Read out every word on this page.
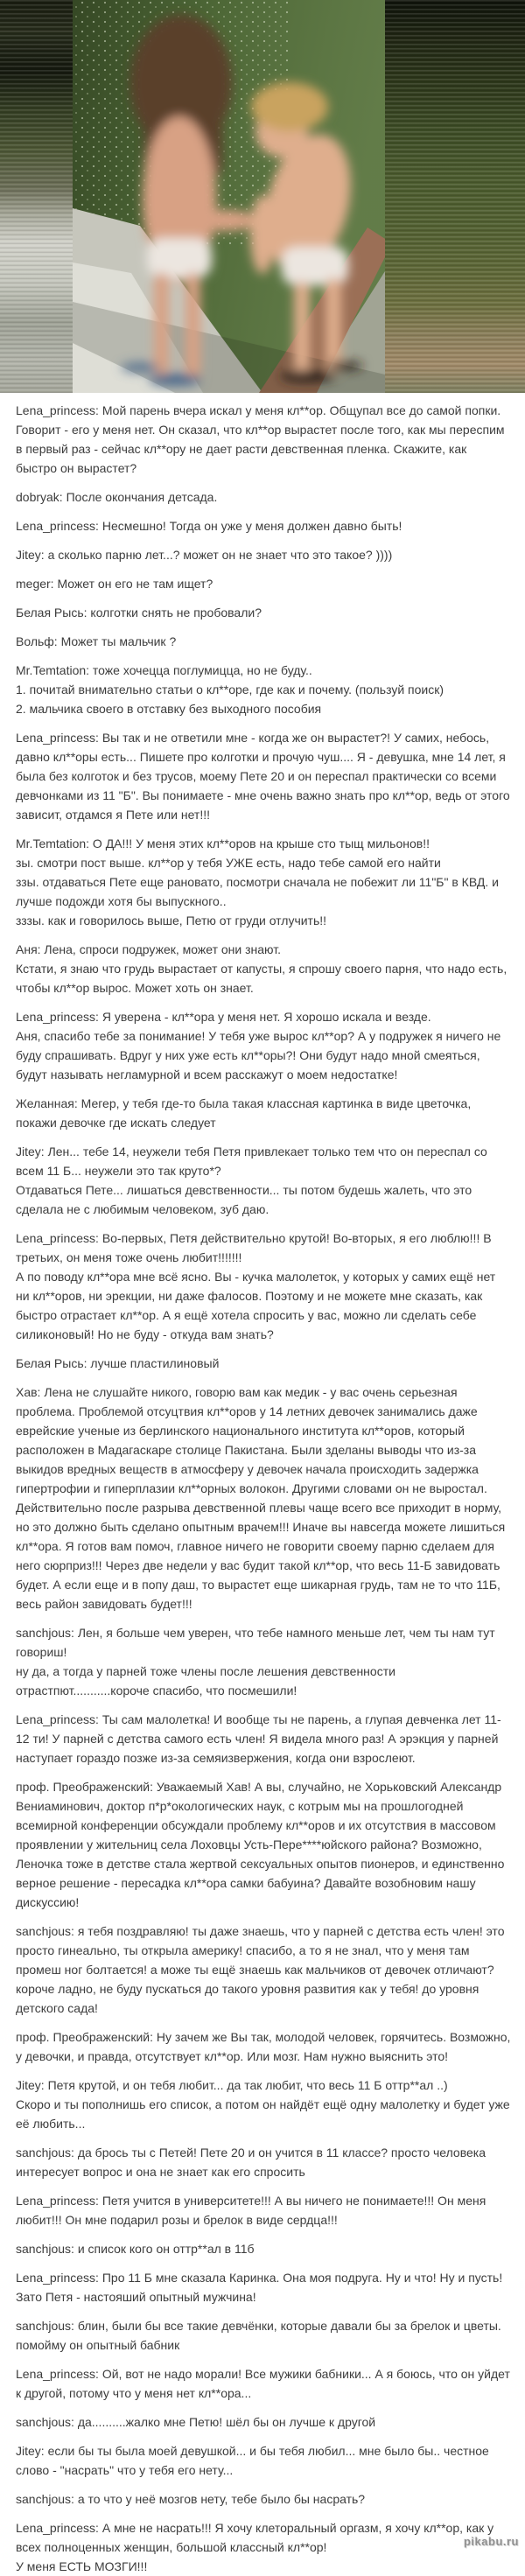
Lena_princess: Мой парень вчера искал у меня кл**ор. Общупал все до самой попки. Говорит - его у меня нет. Он сказал, что кл**ор вырастет после того, как мы переспим в первый раз - сейчас кл**ору не дает расти девственная пленка. Скажите, как быстро он вырастет?

dobryak: После окончания детсада.

Lena_princess: Несмешно! Тогда он уже у меня должен давно быть!

Jitey: а сколько парню лет...? может он не знает что это такое? ))))

meger: Может он его не там ищет?

Белая Рысь: колготки снять не пробовали?

Вольф: Может ты мальчик ?

Mr.Temtation: тоже хочецца поглумицца, но не буду..
1. почитай внимательно статьи о кл**оре, где как и почему. (пользуй поиск)
2. мальчика своего в отставку без выходного пособия

Lena_princess: Вы так и не ответили мне - когда же он вырастет?! У самих, небось, давно кл**оры есть... Пишете про колготки и прочую чуш.... Я - девушка, мне 14 лет, я была без колготок и без трусов, моему Пете 20 и он переспал практически со всеми девчонками из 11 "Б". Вы понимаете - мне очень важно знать про кл**ор, ведь от этого зависит, отдамся я Пете или нет!!!

Mr.Temtation: О ДА!!! У меня этих кл**оров на крыше сто тыщ мильонов!!
зы. смотри пост выше. кл**ор у тебя УЖЕ есть, надо тебе самой его найти
ззы. отдаваться Пете еще рановато, посмотри сначала не побежит ли 11"Б" в КВД. и лучше подожди хотя бы выпускного..
зззы. как и говорилось выше, Петю от груди отлучить!!

Аня: Лена, спроси подружек, может они знают.
Кстати, я знаю что грудь вырастает от капусты, я спрошу своего парня, что надо есть, чтобы кл**ор вырос. Может хоть он знает.

Lena_princess: Я уверена - кл**ора у меня нет. Я хорошо искала и везде.
Аня, спасибо тебе за понимание! У тебя уже вырос кл**ор? А у подружек я ничего не буду спрашивать. Вдруг у них уже есть кл**оры?! Они будут надо мной смеяться, будут называть негламурной и всем расскажут о моем недостатке!

Желанная: Мегер, у тебя где-то была такая классная картинка в виде цветочка, покажи девочке где искать следует

Jitey: Лен... тебе 14, неужели тебя Петя привлекает только тем что он переспал со всем 11 Б... неужели это так круто*?
Отдаваться Пете... лишаться девственности... ты потом будешь жалеть, что это сделала не с любимым человеком, зуб даю.

Lena_princess: Во-первых, Петя действительно крутой! Во-вторых, я его люблю!!! В третьих, он меня тоже очень любит!!!!!!!
А по поводу кл**ора мне всё ясно. Вы - кучка малолеток, у которых у самих ещё нет ни кл**оров, ни эрекции, ни даже фалосов. Поэтому и не можете мне сказать, как быстро отрастает кл**ор. А я ещё хотела спросить у вас, можно ли сделать себе силиконовый! Но не буду - откуда вам знать?

Белая Рысь: лучше пластилиновый

Хав: Лена не слушайте никого, говорю вам как медик - у вас очень серьезная проблема. Проблемой отсуцтвия кл**оров у 14 летних девочек занимались даже еврейские ученые из берлинского национального института кл**оров, который расположен в Мадагаскаре столице Пакистана. Были зделаны выводы что из-за выкидов вредных веществ в атмосферу у девочек начала происходить задержка гипертрофии и гиперплазии кл**орных волокон. Другими словами он не выростал. Действительно после разрыва девственной плевы чаще всего все приходит в норму, но это должно быть сделано опытным врачем!!! Иначе вы навсегда можете лишиться кл**ора. Я готов вам помоч, главное ничего не говорити своему парню сделаем для него сюрприз!!! Через две недели у вас будит такой кл**ор, что весь 11-Б завидовать будет. А если еще и в попу даш, то вырастет еще шикарная грудь, там не то что 11Б, весь район завидовать будет!!!

sanchjous: Лен, я больше чем уверен, что тебе намного меньше лет, чем ты нам тут говориш!
ну да, а тогда у парней тоже члены после лешения девственности отрастпют...........короче спасибо, что посмешили!

Lena_princess: Ты сам малолетка! И вообще ты не парень, а глупая девченка лет 11-12 ти! У парней с детства самого есть член! Я видела много раз! А эрэкция у парней наступает гораздо позже из-за семяизвержения, когда они взрослеют.

проф. Преображенский: Уважаемый Хав! А вы, случайно, не Хорьковский Александр Вениаминович, доктор п*р*окологических наук, с котрым мы на прошлогодней всемирной конференции обсуждали проблему кл**оров и их отсутствия в массовом проявлении у жительниц села Лоховцы Усть-Пере****юйского района? Возможно, Леночка тоже в детстве стала жертвой сексуальных опытов пионеров, и единственно верное решение - пересадка кл**ора самки бабуина? Давайте возобновим нашу дискуссию!

sanchjous: я тебя поздравляю! ты даже знаешь, что у парней с детства есть член! это просто гинеально, ты открыла америку! спасибо, а то я не знал, что у меня там промеш ног болтается! а може ты ещё знаешь как мальчиков от девочек отличают? короче ладно, не буду пускаться до такого уровня развития как у тебя! до уровня детского сада!

проф. Преображенский: Ну зачем же Вы так, молодой человек, горячитесь. Возможно, у девочки, и правда, отсутствует кл**ор. Или мозг. Нам нужно выяснить это!

Jitey: Петя крутой, и он тебя любит... да так любит, что весь 11 Б оттр**ал ..)
Скоро и ты пополнишь его список, а потом он найдёт ещё одну малолетку и будет уже её любить...

sanchjous: да брось ты с Петей! Пете 20 и он учится в 11 классе? просто человека интересует вопрос и она не знает как его спросить

Lena_princess: Петя учится в университете!!! А вы ничего не понимаете!!! Он меня любит!!! Он мне подарил розы и брелок в виде сердца!!!

sanchjous: и список кого он оттр**ал в 11б

Lena_princess: Про 11 Б мне сказала Каринка. Она моя подруга. Ну и что! Ну и пусть! Зато Петя - настояший опытный мужчина!

sanchjous: блин, были бы все такие девчёнки, которые давали бы за брелок и цветы. помойму он опытный бабник

Lena_princess: Ой, вот не надо морали! Все мужики бабники... А я боюсь, что он уйдет к другой, потому что у меня нет кл**ора...

sanchjous: да..........жалко мне Петю! шёл бы он лучше к другой

Jitey: если бы ты была моей девушкой... и бы тебя любил... мне было бы.. честное слово - "насрать" что у тебя его нету...

sanchjous: а то что у неё мозгов нету, тебе было бы насрать?

Lena_princess: А мне не насрать!!! Я хочу клеторальный оргазм, я хочу кл**ор, как у всех полноценных женщин, большой классный кл**ор!
У меня ЕСТЬ МОЗГИ!!!

pikabu.ru
